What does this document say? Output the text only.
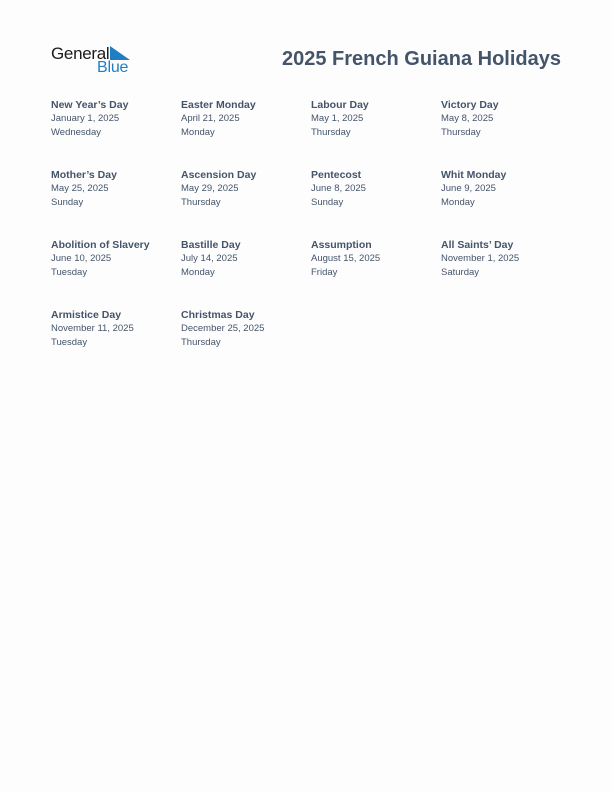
General
Blue	2025 French Guiana Holidays
New Year’s Day
January 1, 2025
Wednesday
Easter Monday
April 21, 2025
Monday
Labour Day
May 1, 2025
Thursday
Victory Day
May 8, 2025
Thursday
Mother’s Day
May 25, 2025
Sunday
Ascension Day
May 29, 2025
Thursday
Pentecost
June 8, 2025
Sunday
Whit Monday
June 9, 2025
Monday
Abolition of Slavery
June 10, 2025
Tuesday
Bastille Day
July 14, 2025
Monday
Assumption
August 15, 2025
Friday
All Saints’ Day
November 1, 2025
Saturday
Armistice Day
November 11, 2025
Tuesday
Christmas Day
December 25, 2025
Thursday
